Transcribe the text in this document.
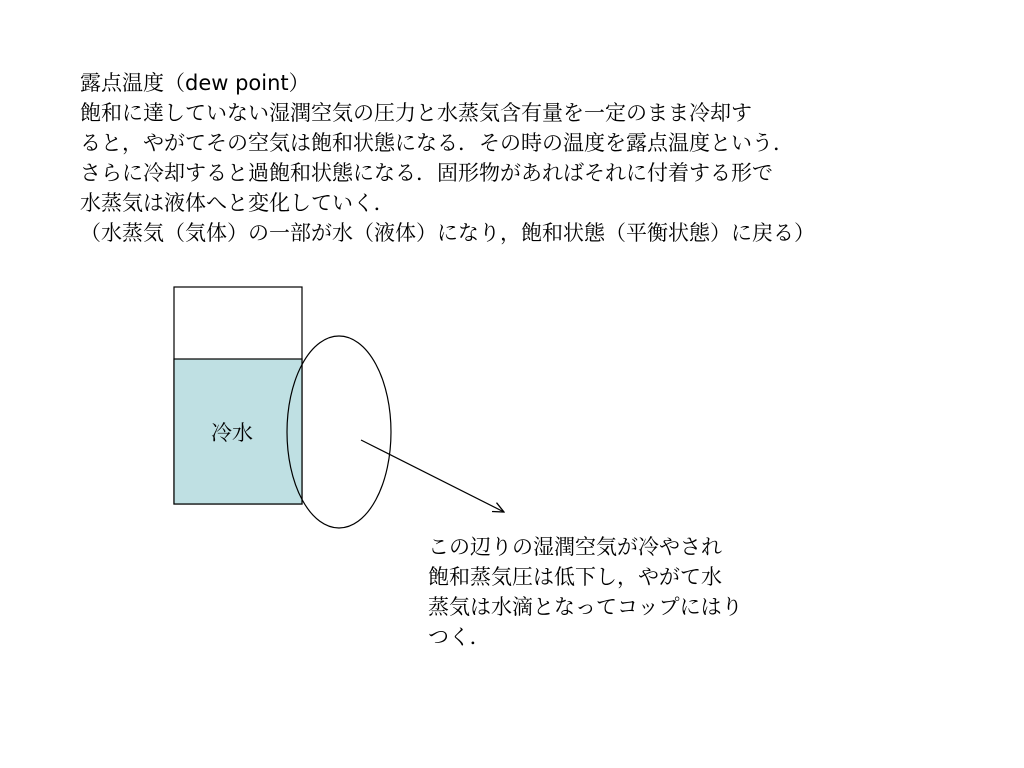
露点温度（dew point）
飽和に達していない湿潤空気の圧力と水蒸気含有量を一定のまま冷却す
ると，やがてその空気は飽和状態になる．その時の温度を露点温度という．
さらに冷却すると過飽和状態になる．固形物があればそれに付着する形で
水蒸気は液体へと変化していく．
（水蒸気（気体）の一部が水（液体）になり，飽和状態（平衡状態）に戻る）
冷水
この辺りの湿潤空気が冷やされ
飽和蒸気圧は低下し，やがて水
蒸気は水滴となってコップにはり
つく．
